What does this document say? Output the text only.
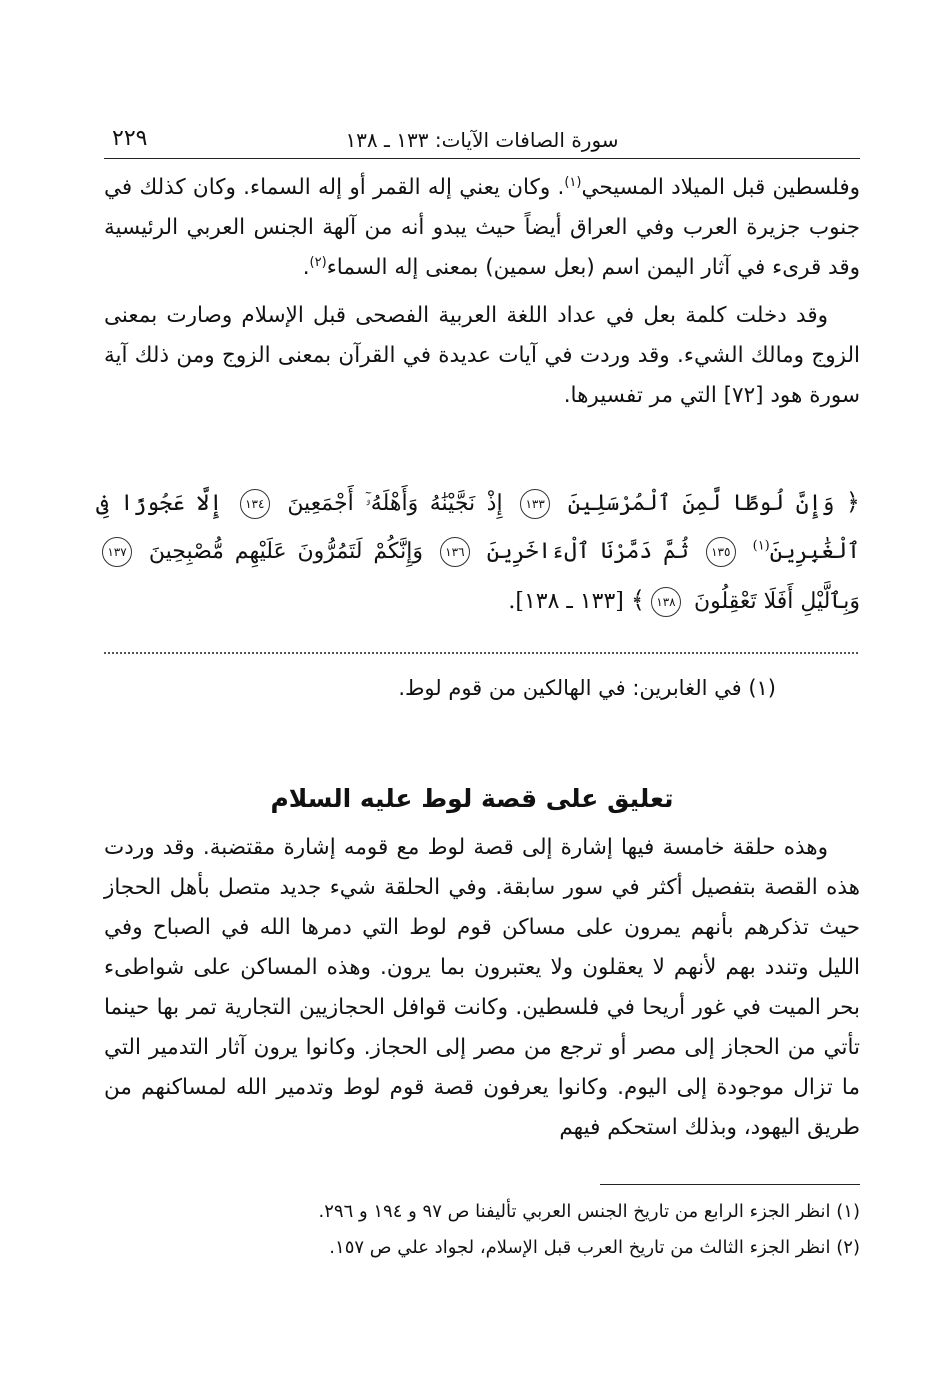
٢٢٩	سورة الصافات الآيات: ١٣٣ ـ ١٣٨

وفلسطين قبل الميلاد المسيحي$^{(١)}$. وكان يعني إله القمر أو إله السماء. وكان كذلك في جنوب جزيرة العرب وفي العراق أيضاً حيث يبدو أنه من آلهة الجنس العربي الرئيسية وقد قرىء في آثار اليمن اسم (بعل سمين) بمعنى إله السماء$^{(٢)}$.

وقد دخلت كلمة بعل في عداد اللغة العربية الفصحى قبل الإسلام وصارت بمعنى الزوج ومالك الشيء. وقد وردت في آيات عديدة في القرآن بمعنى الزوج ومن ذلك آية سورة هود [٧٢] التي مر تفسيرها.

﴿ وَإِنَّ لُوطًا لَّمِنَ ٱلْمُرْسَلِينَ ١٣٣ إِذْ نَجَّيْنَٰهُ وَأَهْلَهُۥٓ أَجْمَعِينَ ١٣٤ إِلَّا عَجُوزًا فِى ٱلْغَٰبِرِينَ$^{(١)}$ ١٣٥ ثُمَّ دَمَّرْنَا ٱلْءَاخَرِينَ ١٣٦ وَإِنَّكُمْ لَتَمُرُّونَ عَلَيْهِم مُّصْبِحِينَ ١٣٧ وَبِٱلَّيْلِ أَفَلَا تَعْقِلُونَ ١٣٨﴾ [١٣٣ ـ ١٣٨].
(١) في الغابرين: في الهالكين من قوم لوط.
تعليق على قصة لوط عليه السلام

وهذه حلقة خامسة فيها إشارة إلى قصة لوط مع قومه إشارة مقتضبة. وقد وردت هذه القصة بتفصيل أكثر في سور سابقة. وفي الحلقة شيء جديد متصل بأهل الحجاز حيث تذكرهم بأنهم يمرون على مساكن قوم لوط التي دمرها الله في الصباح وفي الليل وتندد بهم لأنهم لا يعقلون ولا يعتبرون بما يرون. وهذه المساكن على شواطىء بحر الميت في غور أريحا في فلسطين. وكانت قوافل الحجازيين التجارية تمر بها حينما تأتي من الحجاز إلى مصر أو ترجع من مصر إلى الحجاز. وكانوا يرون آثار التدمير التي ما تزال موجودة إلى اليوم. وكانوا يعرفون قصة قوم لوط وتدمير الله لمساكنهم من طريق اليهود، وبذلك استحكم فيهم

(١) انظر الجزء الرابع من تاريخ الجنس العربي تأليفنا ص ٩٧ و ١٩٤ و ٢٩٦.
(٢) انظر الجزء الثالث من تاريخ العرب قبل الإسلام، لجواد علي ص ١٥٧.
